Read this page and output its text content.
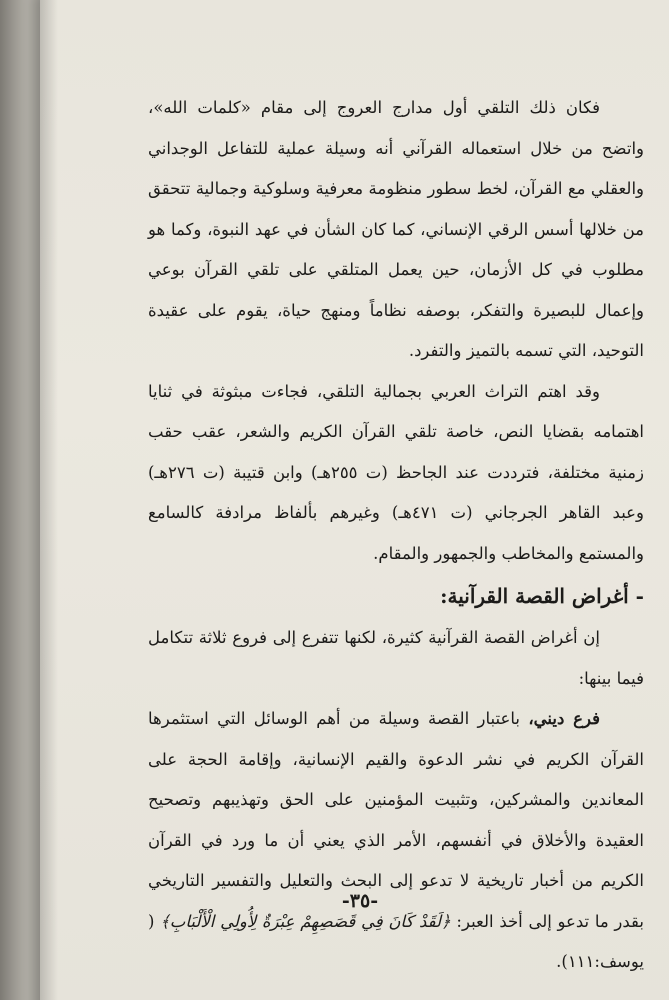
فكان ذلك التلقي أول مدارج العروج إلى مقام «كلمات الله»، واتضح من خلال استعماله القرآني أنه وسيلة عملية للتفاعل الوجداني والعقلي مع القرآن، لخط سطور منظومة معرفية وسلوكية وجمالية تتحقق من خلالها أسس الرقي الإنساني، كما كان الشأن في عهد النبوة، وكما هو مطلوب في كل الأزمان، حين يعمل المتلقي على تلقي القرآن بوعي وإعمال للبصيرة والتفكر، بوصفه نظاماً ومنهج حياة، يقوم على عقيدة التوحيد، التي تسمه بالتميز والتفرد.

وقد اهتم التراث العربي بجمالية التلقي، فجاءت مبثوثة في ثنايا اهتمامه بقضايا النص، خاصة تلقي القرآن الكريم والشعر، عقب حقب زمنية مختلفة، فترددت عند الجاحظ (ت ٢٥٥هـ) وابن قتيبة (ت ٢٧٦هـ) وعبد القاهر الجرجاني (ت ٤٧١هـ) وغيرهم بألفاظ مرادفة كالسامع والمستمع والمخاطب والجمهور والمقام.

- أغراض القصة القرآنية:

إن أغراض القصة القرآنية كثيرة، لكنها تتفرع إلى فروع ثلاثة تتكامل فيما بينها:

فرع ديني، باعتبار القصة وسيلة من أهم الوسائل التي استثمرها القرآن الكريم في نشر الدعوة والقيم الإنسانية، وإقامة الحجة على المعاندين والمشركين، وتثبيت المؤمنين على الحق وتهذيبهم وتصحيح العقيدة والأخلاق في أنفسهم، الأمر الذي يعني أن ما ورد في القرآن الكريم من أخبار تاريخية لا تدعو إلى البحث والتعليل والتفسير التاريخي بقدر ما تدعو إلى أخذ العبر: ﴿لَقَدْ كَانَ فِي قَصَصِهِمْ عِبْرَةٌ لِأُولِي الْأَلْبَابِ﴾ ( يوسف:١١١).

-٣٥-
